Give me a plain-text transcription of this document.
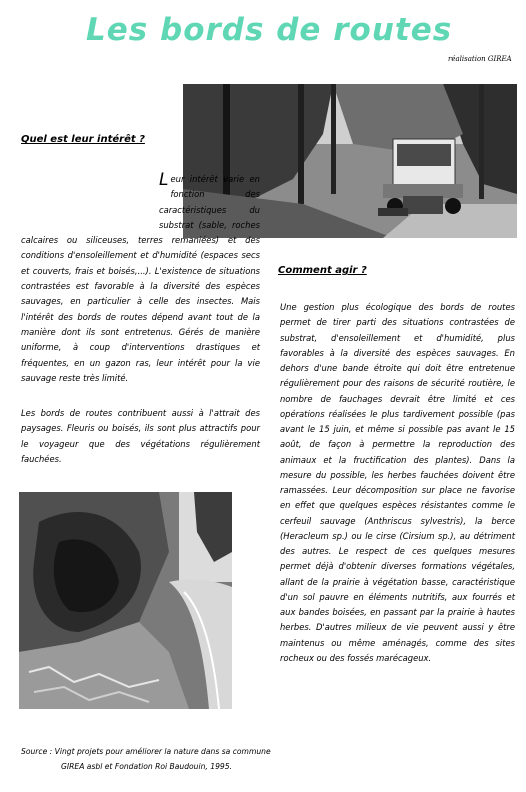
Les bords de routes
réalisation GIREA
Quel est leur intérêt ?

Leur intérêt varie en fonction des caractéristiques du substrat (sable, roches calcaires ou siliceuses, terres remaniées) et des conditions d'ensoleillement et d'humidité (espaces secs et couverts, frais et boisés,...). L'existence de situations contrastées est favorable à la diversité des espèces sauvages, en particulier à celle des insectes. Mais l'intérêt des bords de routes dépend avant tout de la manière dont ils sont entretenus. Gérés de manière uniforme, à coup d'interventions drastiques et fréquentes, en un gazon ras, leur intérêt pour la vie sauvage reste très limité.

Les bords de routes contribuent aussi à l'attrait des paysages. Fleuris ou boisés, ils sont plus attractifs pour le voyageur que des végétations régulièrement fauchées.

Comment agir ?

Une gestion plus écologique des bords de routes permet de tirer parti des situations contrastées de substrat, d'ensoleillement et d'humidité, plus favorables à la diversité des espèces sauvages. En dehors d'une bande étroite qui doit être entretenue régulièrement pour des raisons de sécurité routière, le nombre de fauchages devrait être limité et ces opérations réalisées le plus tardivement possible (pas avant le 15 juin, et même si possible pas avant le 15 août, de façon à permettre la reproduction des animaux et la fructification des plantes). Dans la mesure du possible, les herbes fauchées doivent être ramassées. Leur décomposition sur place ne favorise en effet que quelques espèces résistantes comme le cerfeuil sauvage (Anthriscus sylvestris), la berce (Heracleum sp.) ou le cirse (Cirsium sp.), au détriment des autres. Le respect de ces quelques mesures permet déjà d'obtenir diverses formations végétales, allant de la prairie à végétation basse, caractéristique d'un sol pauvre en éléments nutritifs, aux fourrés et aux bandes boisées, en passant par la prairie à hautes herbes. D'autres milieux de vie peuvent aussi y être maintenus ou même aménagés, comme des sites rocheux ou des fossés marécageux.

Source : Vingt projets pour améliorer la nature dans sa commune
GIREA asbl et Fondation Roi Baudouin, 1995.
